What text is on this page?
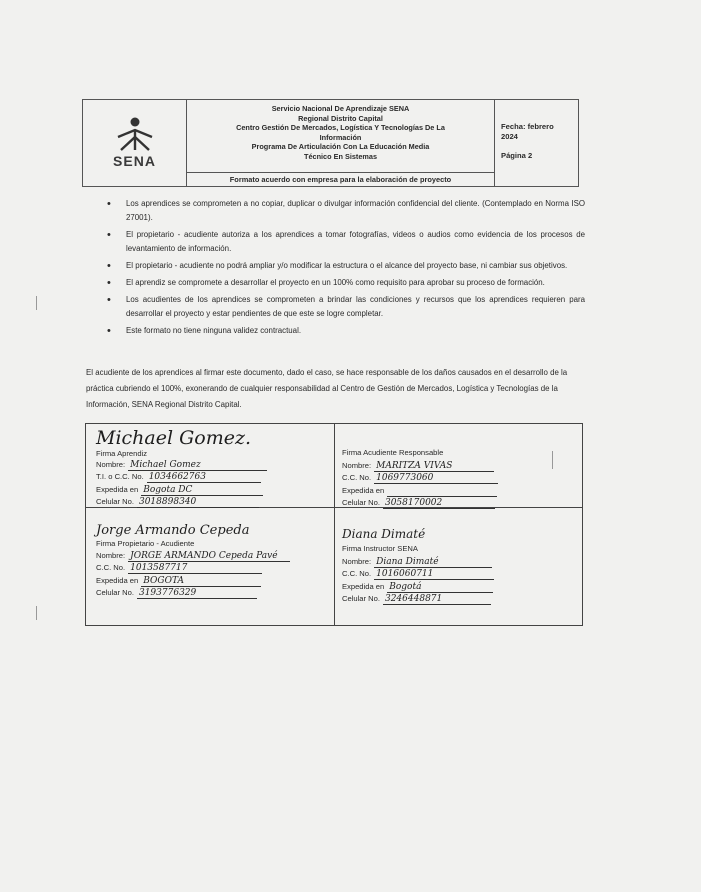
SENA
Servicio Nacional De Aprendizaje SENA
Regional Distrito Capital
Centro Gestión De Mercados, Logística Y Tecnologías De La
Información
Programa De Articulación Con La Educación Media
Técnico En Sistemas
Formato acuerdo con empresa para la elaboración de proyecto
Fecha: febrero
2024
Página 2
• Los aprendices se comprometen a no copiar, duplicar o divulgar información confidencial del cliente. (Contemplado en Norma ISO 27001).
• El propietario - acudiente autoriza a los aprendices a tomar fotografías, videos o audios como evidencia de los procesos de levantamiento de información.
• El propietario - acudiente no podrá ampliar y/o modificar la estructura o el alcance del proyecto base, ni cambiar sus objetivos.
• El aprendiz se compromete a desarrollar el proyecto en un 100% como requisito para aprobar su proceso de formación.
• Los acudientes de los aprendices se comprometen a brindar las condiciones y recursos que los aprendices requieren para desarrollar el proyecto y estar pendientes de que este se logre completar.
• Este formato no tiene ninguna validez contractual.
El acudiente de los aprendices al firmar este documento, dado el caso, se hace responsable de los daños causados en el desarrollo de la práctica cubriendo el 100%, exonerando de cualquier responsabilidad al Centro de Gestión de Mercados, Logística y Tecnologías de la Información, SENA Regional Distrito Capital.
Michael Gomez.
Firma Aprendiz
Nombre: Michael Gomez
T.I. o C.C. No. 1034662763
Expedida en Bogota DC
Celular No. 3018898340
Firma Acudiente Responsable
Nombre: MARITZA VIVAS
C.C. No. 1069773060
Expedida en
Celular No. 3058170002
Jorge Armando Cepeda
Firma Propietario - Acudiente
Nombre: JORGE ARMANDO Cepeda Pavé
C.C. No. 1013587717
Expedida en BOGOTA
Celular No. 3193776329
Diana Dimaté
Firma Instructor SENA
Nombre: Diana Dimaté
C.C. No. 1016060711
Expedida en Bogotá
Celular No. 3246448871
